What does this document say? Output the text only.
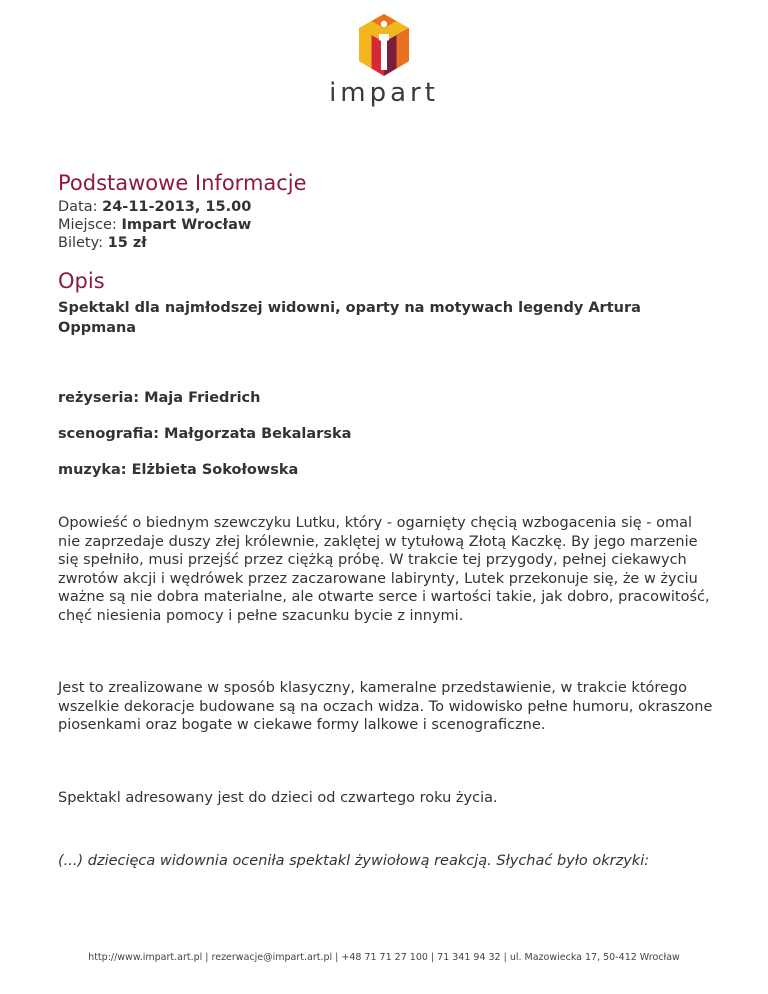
impart
Podstawowe Informacje
Data: 24-11-2013, 15.00
Miejsce: Impart Wrocław
Bilety: 15 zł
Opis
Spektakl dla najmłodszej widowni, oparty na motywach legendy Artura Oppmana
reżyseria: Maja Friedrich
scenografia: Małgorzata Bekalarska
muzyka: Elżbieta Sokołowska
Opowieść o biednym szewczyku Lutku, który - ogarnięty chęcią wzbogacenia się - omal nie zaprzedaje duszy złej królewnie, zaklętej w tytułową Złotą Kaczkę. By jego marzenie się spełniło, musi przejść przez ciężką próbę. W trakcie tej przygody, pełnej ciekawych zwrotów akcji i wędrówek przez zaczarowane labirynty, Lutek przekonuje się, że w życiu ważne są nie dobra materialne, ale otwarte serce i wartości takie, jak dobro, pracowitość, chęć niesienia pomocy i pełne szacunku bycie z innymi.
Jest to zrealizowane w sposób klasyczny, kameralne przedstawienie, w trakcie którego wszelkie dekoracje budowane są na oczach widza. To widowisko pełne humoru, okraszone piosenkami oraz bogate w ciekawe formy lalkowe i scenograficzne.
Spektakl adresowany jest do dzieci od czwartego roku życia.
(...) dziecięca widownia oceniła spektakl żywiołową reakcją. Słychać było okrzyki:
http://www.impart.art.pl | rezerwacje@impart.art.pl | +48 71 71 27 100 | 71 341 94 32 | ul. Mazowiecka 17, 50-412 Wrocław
